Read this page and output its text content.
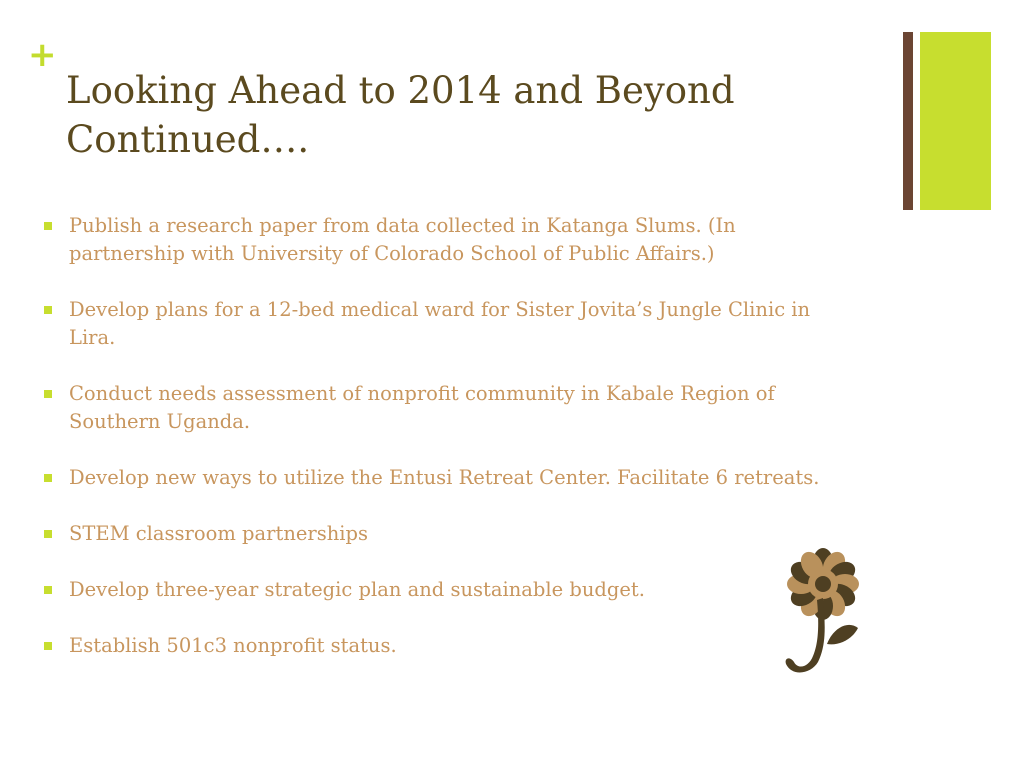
+
Looking Ahead to 2014 and Beyond
Continued….
Publish a research paper from data collected in Katanga Slums. (In
partnership with University of Colorado School of Public Affairs.)
Develop plans for a 12-bed medical ward for Sister Jovita’s Jungle Clinic in
Lira.
Conduct needs assessment of nonprofit community in Kabale Region of
Southern Uganda.
Develop new ways to utilize the Entusi Retreat Center. Facilitate 6 retreats.
STEM classroom partnerships
Develop three-year strategic plan and sustainable budget.
Establish 501c3 nonprofit status.
